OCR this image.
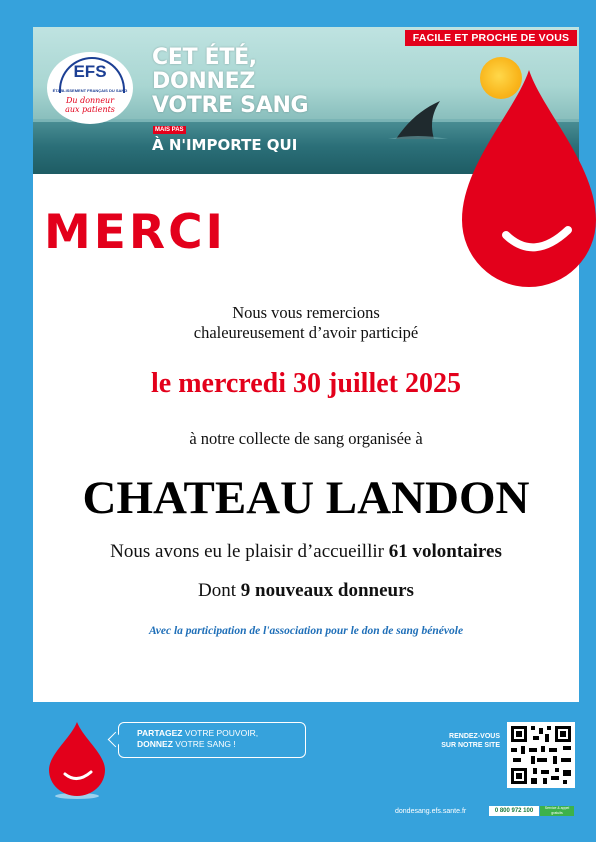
FACILE ET PROCHE DE VOUS
EFS
ÉTABLISSEMENT FRANÇAIS DU SANG
Du donneur
aux patients
CET ÉTÉ,
DONNEZ
VOTRE SANG
MAIS PAS
À N'IMPORTE QUI
MERCI
Nous vous remercions
chaleureusement d’avoir participé
le mercredi 30 juillet 2025
à notre collecte de sang organisée à
CHATEAU LANDON
Nous avons eu le plaisir d’accueillir 61 volontaires
Dont 9 nouveaux donneurs
Avec la participation de l'association pour le don de sang bénévole
PARTAGEZ VOTRE POUVOIR,
DONNEZ VOTRE SANG !
RENDEZ-VOUS
SUR NOTRE SITE
dondesang.efs.sante.fr	0 800 972 100	Service & appel gratuits
